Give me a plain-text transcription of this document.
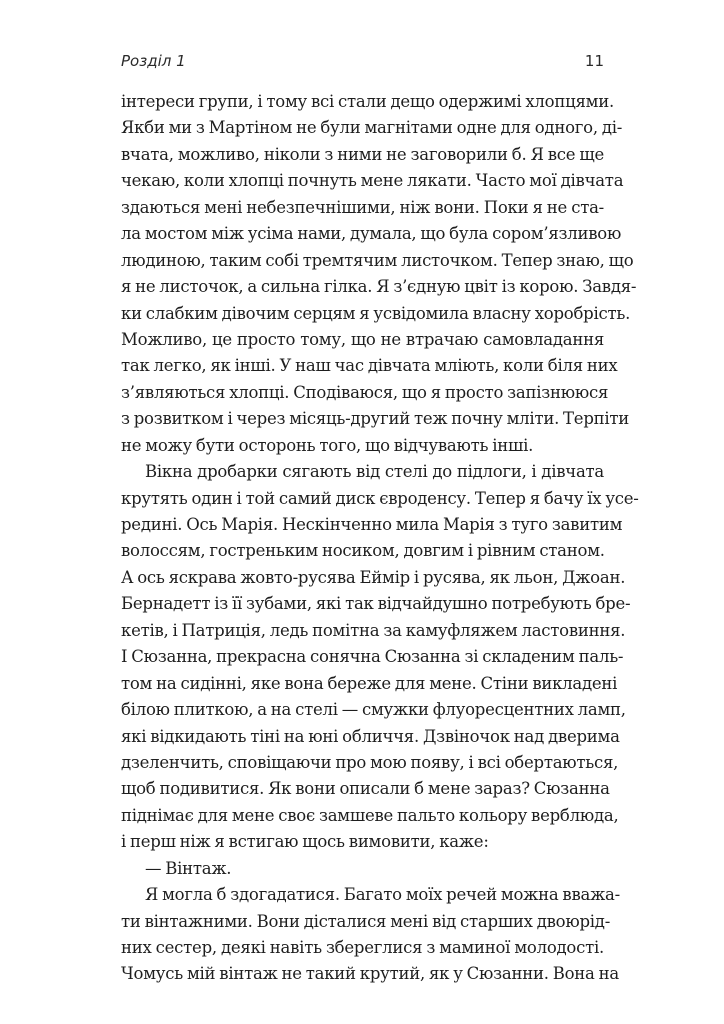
Розділ 1	11
інтереси групи, і тому всі стали дещо одержимі хлопцями.
Якби ми з Мартіном не були магнітами одне для одного, ді-
вчата, можливо, ніколи з ними не заговорили б. Я все ще
чекаю, коли хлопці почнуть мене лякати. Часто мої дівчата
здаються мені небезпечнішими, ніж вони. Поки я не ста-
ла мостом між усіма нами, думала, що була сором’язливою
людиною, таким собі тремтячим листочком. Тепер знаю, що
я не листочок, а сильна гілка. Я з’єдную цвіт із корою. Завдя-
ки слабким дівочим серцям я усвідомила власну хоробрість.
Можливо, це просто тому, що не втрачаю самовладання
так легко, як інші. У наш час дівчата мліють, коли біля них
з’являються хлопці. Сподіваюся, що я просто запізнююся
з розвитком і через місяць-другий теж почну мліти. Терпіти
не можу бути осторонь того, що відчувають інші.
Вікна дробарки сягають від стелі до підлоги, і дівчата
крутять один і той самий диск євроденсу. Тепер я бачу їх усе-
редині. Ось Марія. Нескінченно мила Марія з туго завитим
волоссям, гостреньким носиком, довгим і рівним станом.
А ось яскрава жовто-русява Еймір і русява, як льон, Джоан.
Бернадетт із її зубами, які так відчайдушно потребують бре-
кетів, і Патриція, ледь помітна за камуфляжем ластовиння.
І Сюзанна, прекрасна сонячна Сюзанна зі складеним паль-
том на сидінні, яке вона береже для мене. Стіни викладені
білою плиткою, а на стелі — смужки флуоресцентних ламп,
які відкидають тіні на юні обличчя. Дзвіночок над дверима
дзеленчить, сповіщаючи про мою появу, і всі обертаються,
щоб подивитися. Як вони описали б мене зараз? Сюзанна
піднімає для мене своє замшеве пальто кольору верблюда,
і перш ніж я встигаю щось вимовити, каже:
— Вінтаж.
Я могла б здогадатися. Багато моїх речей можна вважа-
ти вінтажними. Вони дісталися мені від старших двоюрід-
них сестер, деякі навіть збереглися з маминої молодості.
Чомусь мій вінтаж не такий крутий, як у Сюзанни. Вона на
